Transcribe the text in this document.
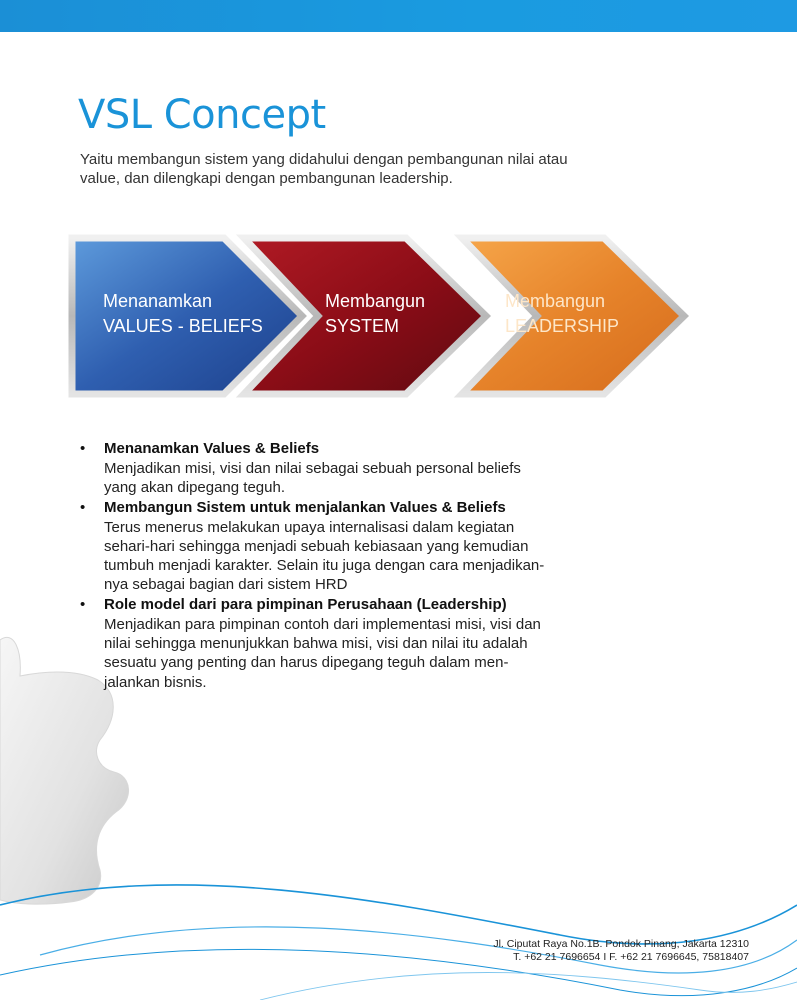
VSL Concept

Yaitu membangun sistem yang didahului dengan pembangunan nilai atau value, dan dilengkapi dengan pembangunan leadership.

Menanamkan
VALUES - BELIEFS
Membangun
SYSTEM
Membangun
LEADERSHIP
• Menanamkan Values & Beliefs
Menjadikan misi, visi dan nilai sebagai sebuah personal beliefs
yang akan dipegang teguh.
• Membangun Sistem untuk menjalankan Values & Beliefs
Terus menerus melakukan upaya internalisasi dalam kegiatan
sehari-hari sehingga menjadi sebuah kebiasaan yang kemudian
tumbuh menjadi karakter. Selain itu juga dengan cara menjadikan-
nya sebagai bagian dari sistem HRD
• Role model dari para pimpinan Perusahaan (Leadership)
Menjadikan para pimpinan contoh dari implementasi misi, visi dan
nilai sehingga menunjukkan bahwa misi, visi dan nilai itu adalah
sesuatu yang penting dan harus dipegang teguh dalam men-
jalankan bisnis.
Jl. Ciputat Raya No.1B. Pondok Pinang, Jakarta 12310
T. +62 21 7696654 I F. +62 21 7696645, 75818407
